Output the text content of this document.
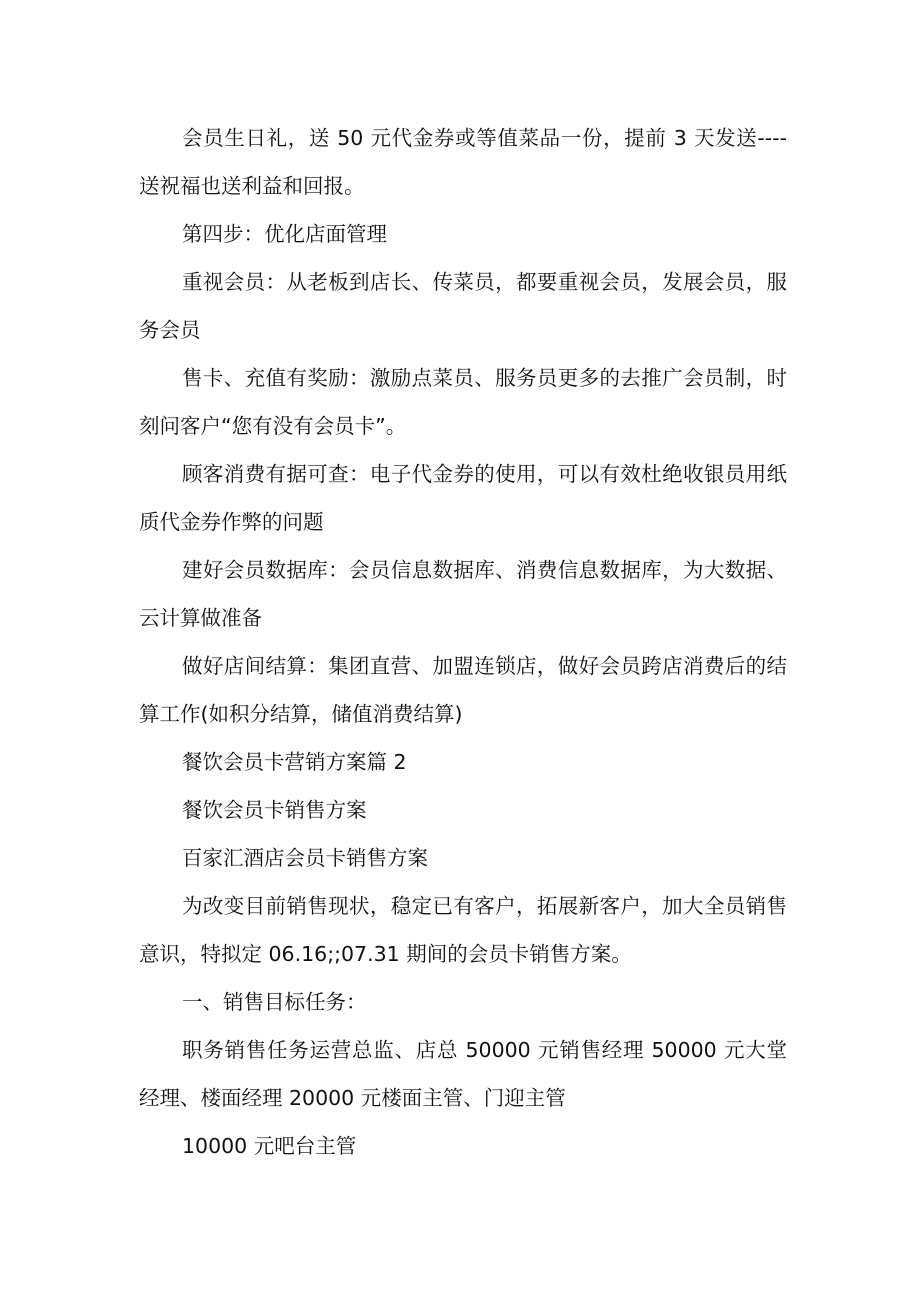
会员生日礼，送 50 元代金券或等值菜品一份，提前 3 天发送----送祝福也送利益和回报。

第四步：优化店面管理

重视会员：从老板到店长、传菜员，都要重视会员，发展会员，服务会员

售卡、充值有奖励：激励点菜员、服务员更多的去推广会员制，时刻问客户“您有没有会员卡”。

顾客消费有据可查：电子代金券的使用，可以有效杜绝收银员用纸质代金券作弊的问题

建好会员数据库：会员信息数据库、消费信息数据库，为大数据、云计算做准备

做好店间结算：集团直营、加盟连锁店，做好会员跨店消费后的结算工作(如积分结算，储值消费结算)

餐饮会员卡营销方案篇 2

餐饮会员卡销售方案

百家汇酒店会员卡销售方案

为改变目前销售现状，稳定已有客户，拓展新客户，加大全员销售意识，特拟定 06.16;;07.31 期间的会员卡销售方案。

一、销售目标任务：

职务销售任务运营总监、店总 50000 元销售经理 50000 元大堂经理、楼面经理 20000 元楼面主管、门迎主管

10000 元吧台主管
